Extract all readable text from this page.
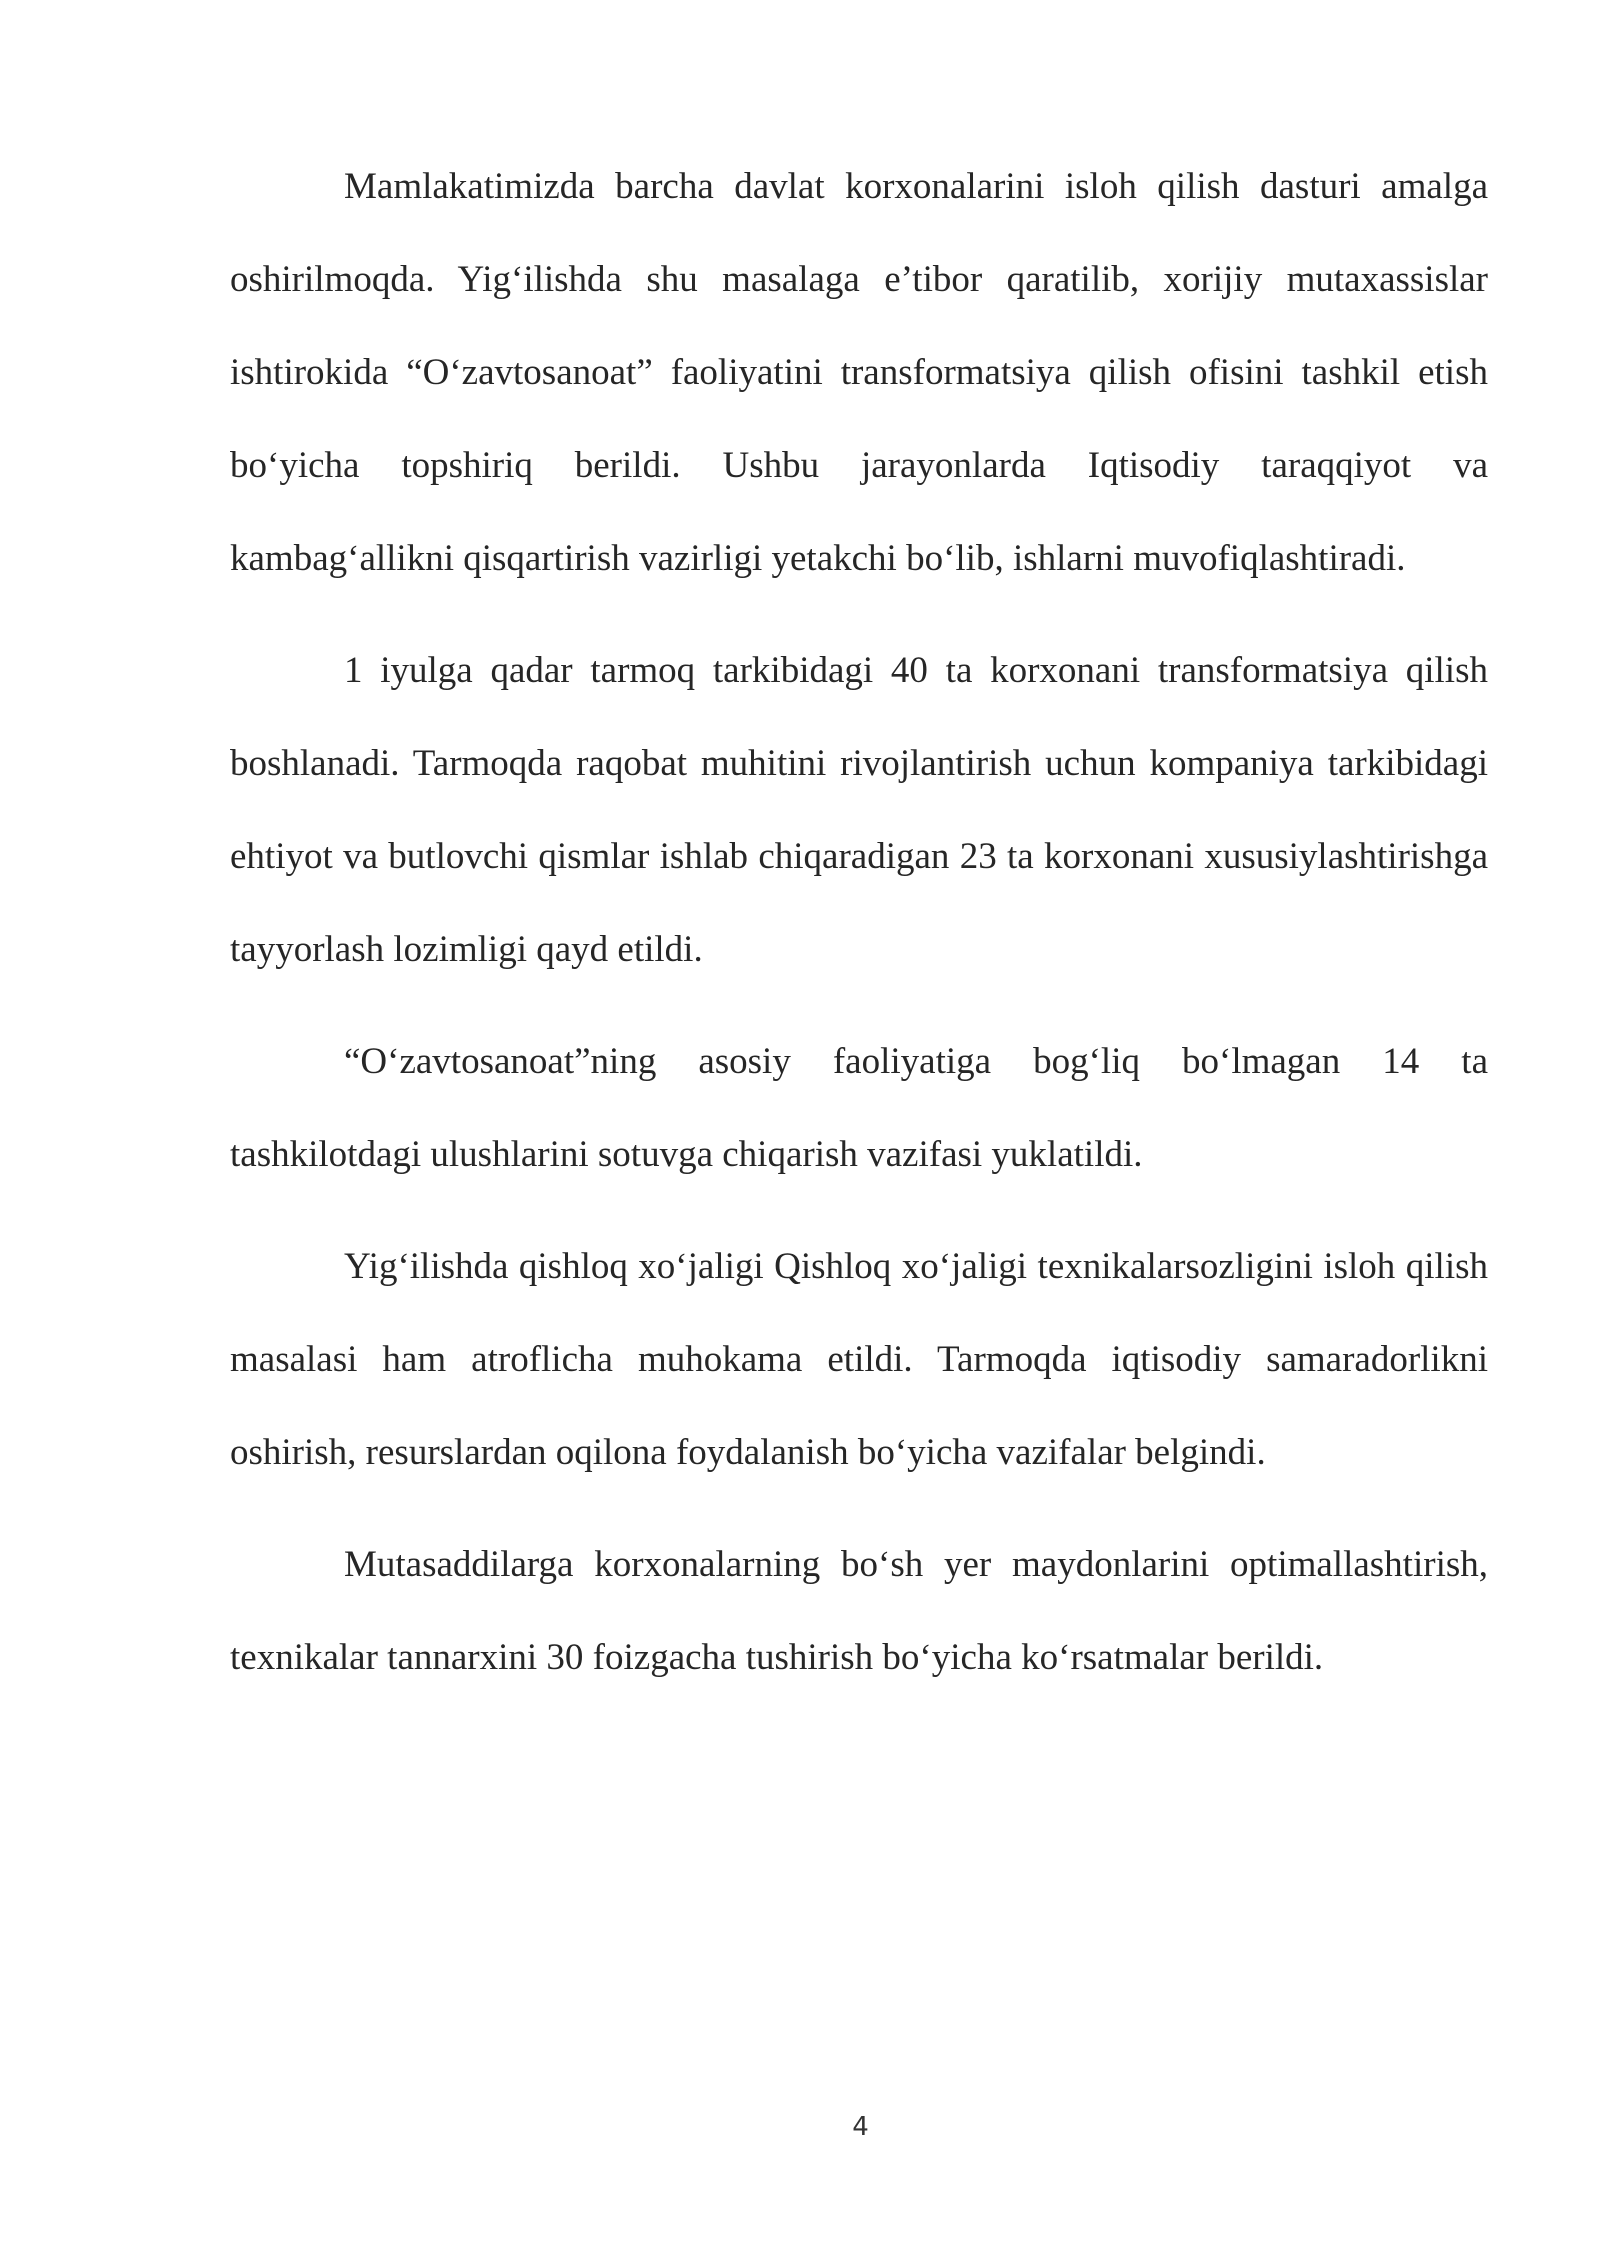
Mamlakatimizda barcha davlat korxonalarini isloh qilish dasturi amalga oshirilmoqda. Yig‘ilishda shu masalaga e’tibor qaratilib, xorijiy mutaxassislar ishtirokida “O‘zavtosanoat” faoliyatini transformatsiya qilish ofisini tashkil etish bo‘yicha topshiriq berildi. Ushbu jarayonlarda Iqtisodiy taraqqiyot va kambag‘allikni qisqartirish vazirligi yetakchi bo‘lib, ishlarni muvofiqlashtiradi.

1 iyulga qadar tarmoq tarkibidagi 40 ta korxonani transformatsiya qilish boshlanadi. Tarmoqda raqobat muhitini rivojlantirish uchun kompaniya tarkibidagi ehtiyot va butlovchi qismlar ishlab chiqaradigan 23 ta korxonani xususiylashtirishga tayyorlash lozimligi qayd etildi.

“O‘zavtosanoat”ning asosiy faoliyatiga bog‘liq bo‘lmagan 14 ta tashkilotdagi ulushlarini sotuvga chiqarish vazifasi yuklatildi.

Yig‘ilishda qishloq xo‘jaligi Qishloq xo‘jaligi texnikalarsozligini isloh qilish masalasi ham atroflicha muhokama etildi. Tarmoqda iqtisodiy samaradorlikni oshirish, resurslardan oqilona foydalanish bo‘yicha vazifalar belgindi.

Mutasaddilarga korxonalarning bo‘sh yer maydonlarini optimallashtirish, texnikalar tannarxini 30 foizgacha tushirish bo‘yicha ko‘rsatmalar berildi.

4
